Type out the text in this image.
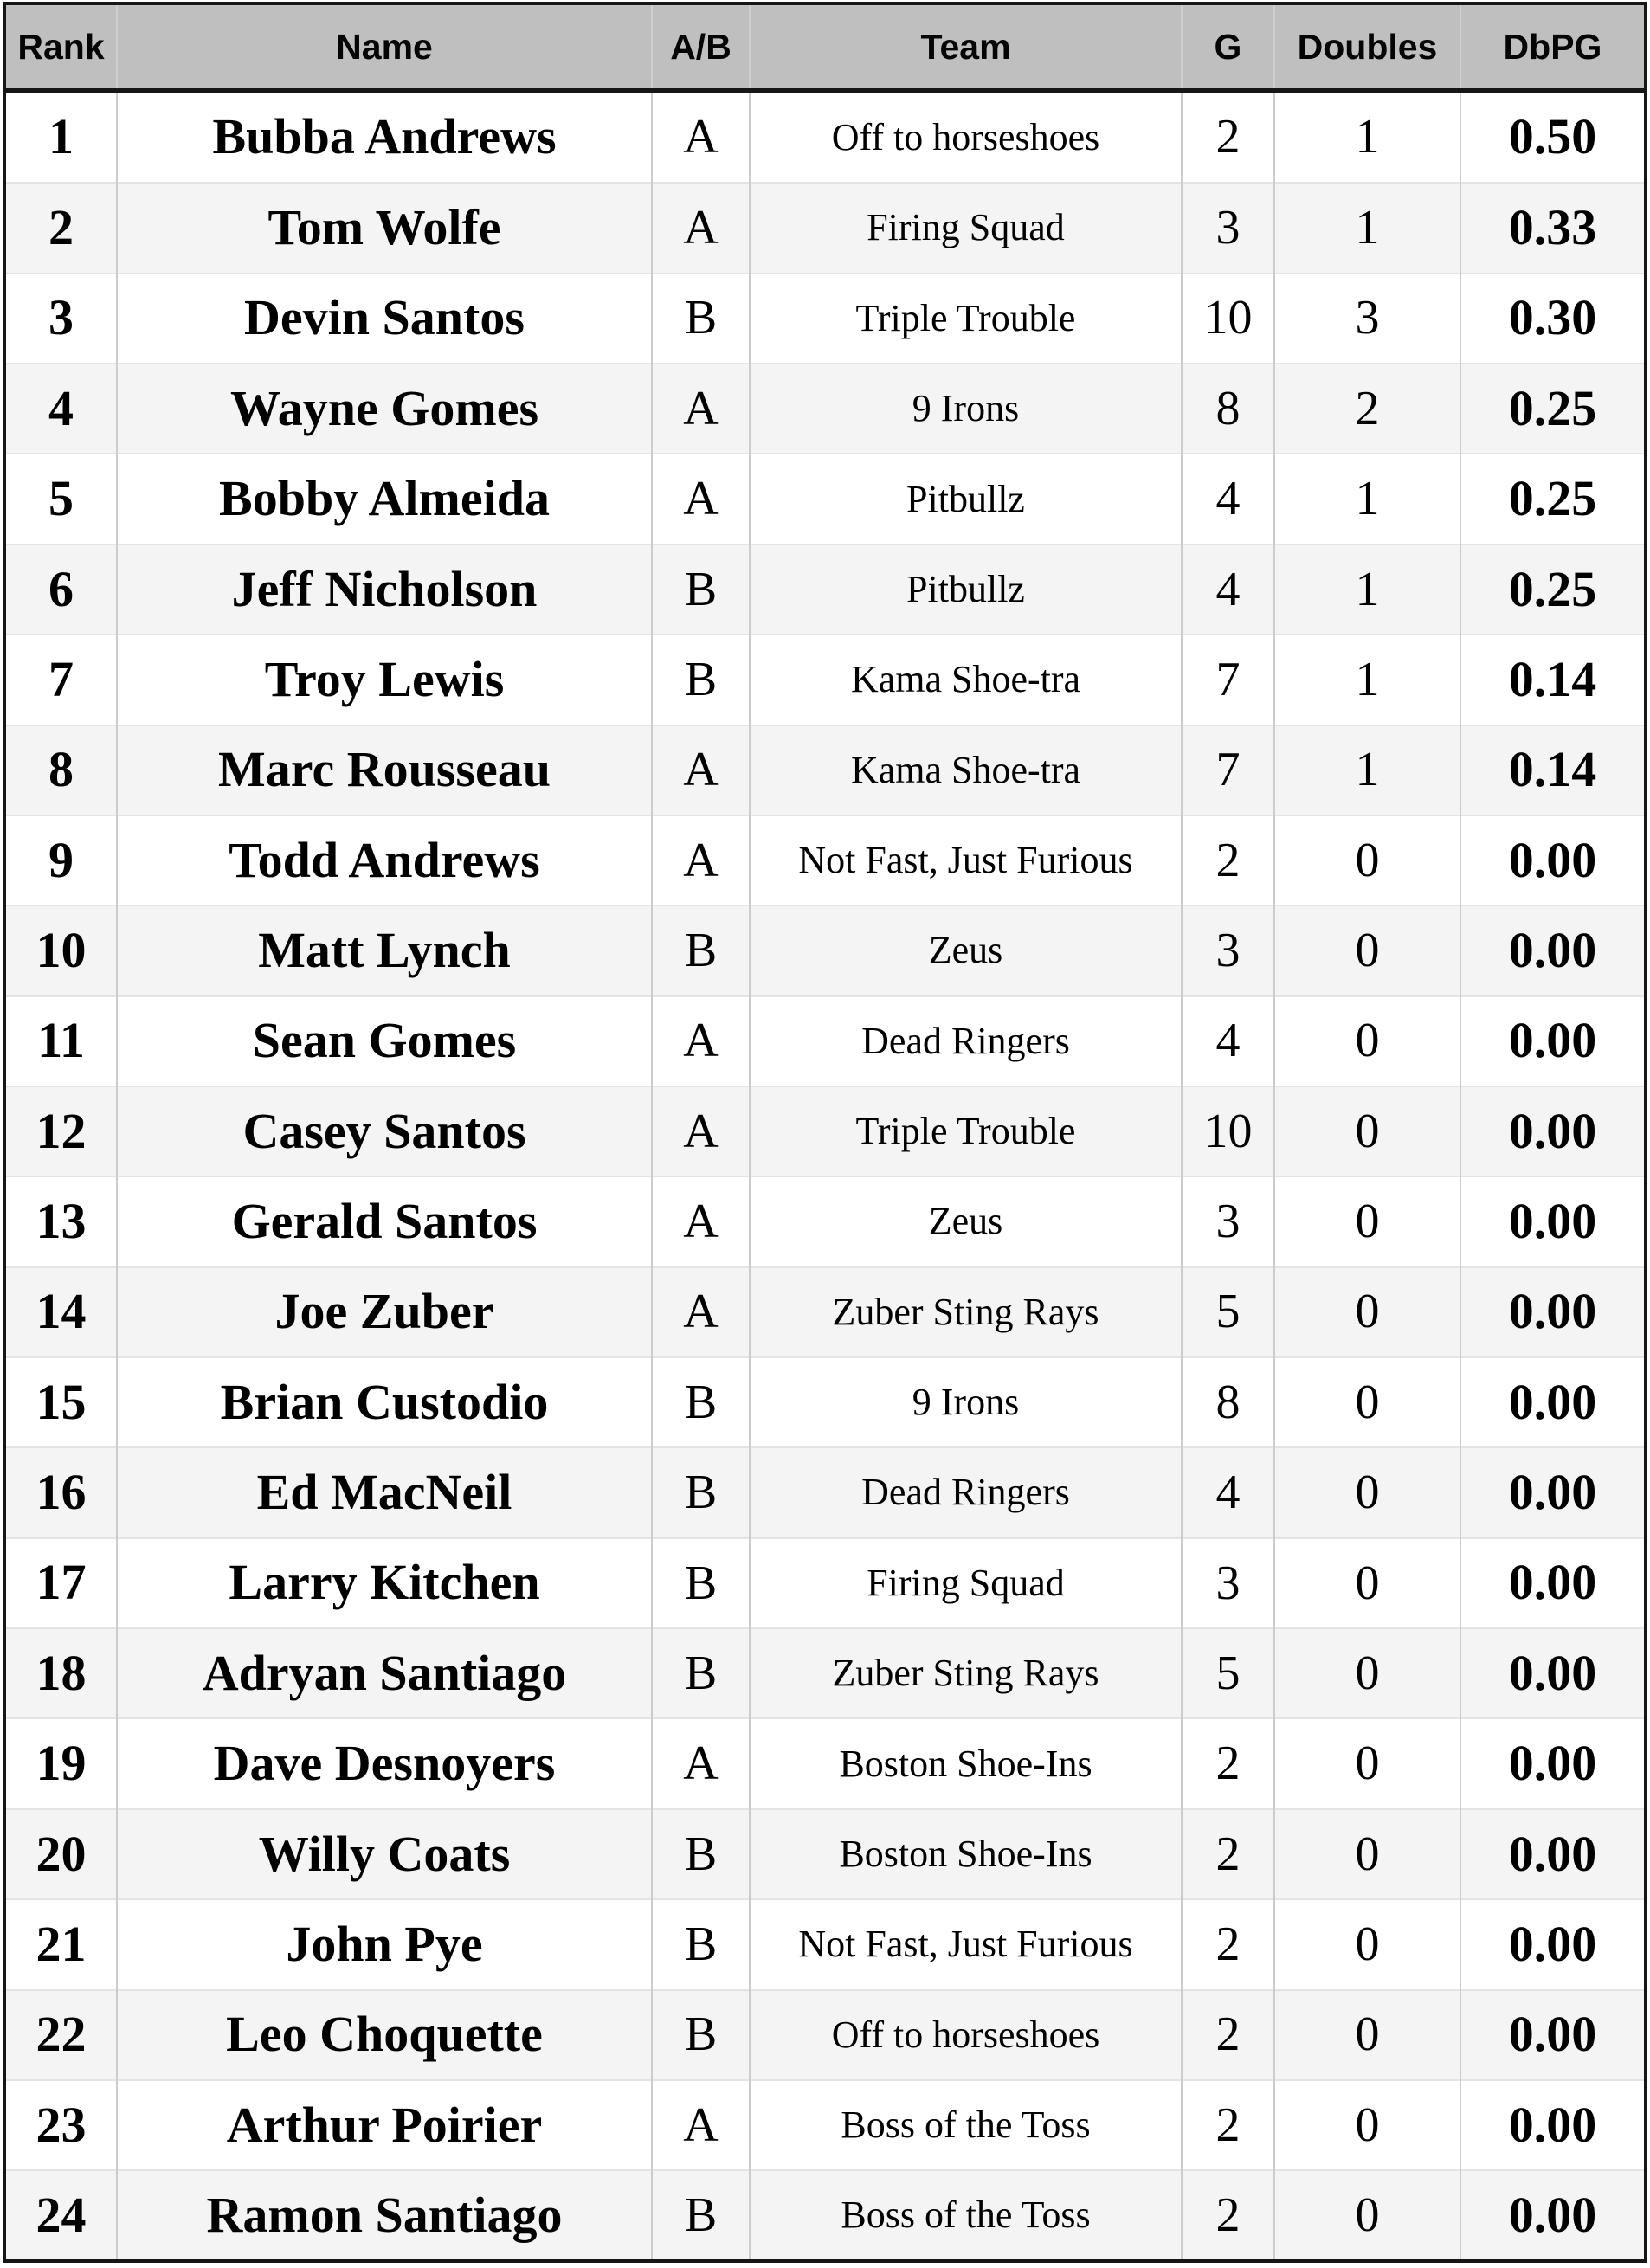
Rank	Name	A/B	Team	G	Doubles	DbPG
1	Bubba Andrews	A	Off to horseshoes	2	1	0.50
2	Tom Wolfe	A	Firing Squad	3	1	0.33
3	Devin Santos	B	Triple Trouble	10	3	0.30
4	Wayne Gomes	A	9 Irons	8	2	0.25
5	Bobby Almeida	A	Pitbullz	4	1	0.25
6	Jeff Nicholson	B	Pitbullz	4	1	0.25
7	Troy Lewis	B	Kama Shoe-tra	7	1	0.14
8	Marc Rousseau	A	Kama Shoe-tra	7	1	0.14
9	Todd Andrews	A	Not Fast, Just Furious	2	0	0.00
10	Matt Lynch	B	Zeus	3	0	0.00
11	Sean Gomes	A	Dead Ringers	4	0	0.00
12	Casey Santos	A	Triple Trouble	10	0	0.00
13	Gerald Santos	A	Zeus	3	0	0.00
14	Joe Zuber	A	Zuber Sting Rays	5	0	0.00
15	Brian Custodio	B	9 Irons	8	0	0.00
16	Ed MacNeil	B	Dead Ringers	4	0	0.00
17	Larry Kitchen	B	Firing Squad	3	0	0.00
18	Adryan Santiago	B	Zuber Sting Rays	5	0	0.00
19	Dave Desnoyers	A	Boston Shoe-Ins	2	0	0.00
20	Willy Coats	B	Boston Shoe-Ins	2	0	0.00
21	John Pye	B	Not Fast, Just Furious	2	0	0.00
22	Leo Choquette	B	Off to horseshoes	2	0	0.00
23	Arthur Poirier	A	Boss of the Toss	2	0	0.00
24	Ramon Santiago	B	Boss of the Toss	2	0	0.00
